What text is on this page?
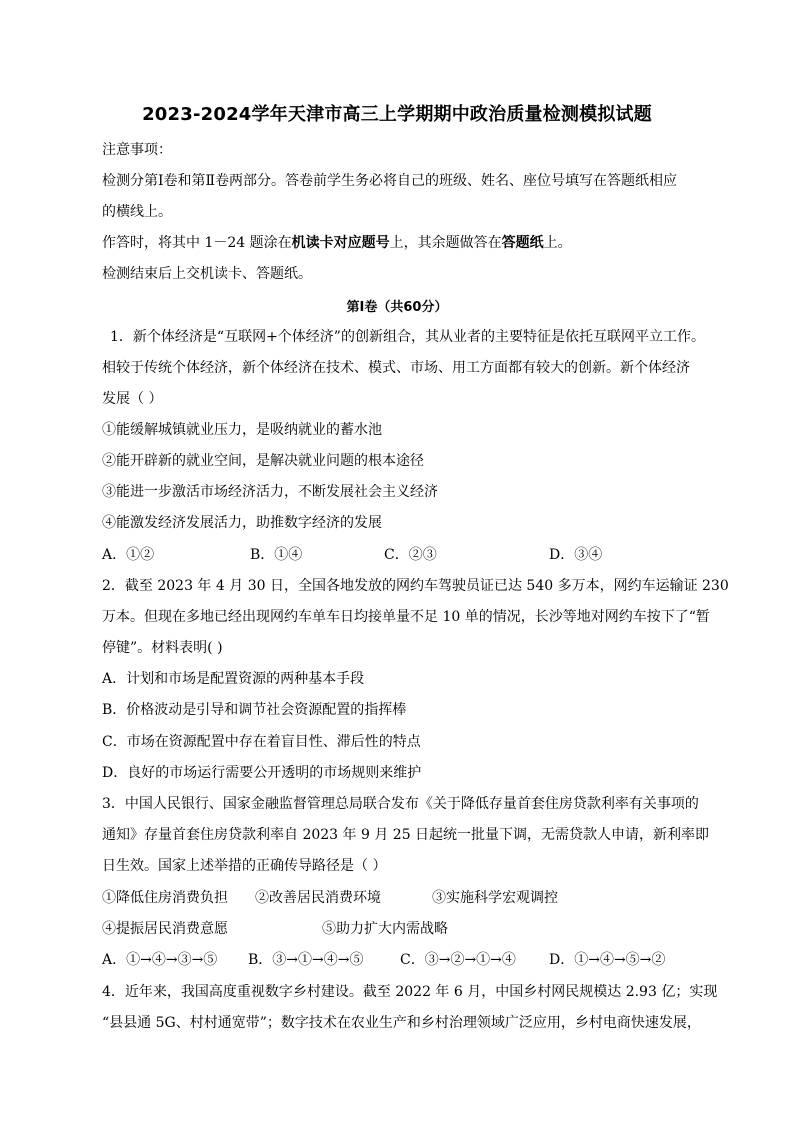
2023-2024学年天津市高三上学期期中政治质量检测模拟试题
注意事项：
检测分第Ⅰ卷和第Ⅱ卷两部分。答卷前学生务必将自己的班级、姓名、座位号填写在答题纸相应
的横线上。
作答时，将其中 1－24 题涂在机读卡对应题号上，其余题做答在答题纸上。
检测结束后上交机读卡、答题纸。
第Ⅰ卷（共60分）
1．新个体经济是“互联网+个体经济”的创新组合，其从业者的主要特征是依托互联网平立工作。
相较于传统个体经济，新个体经济在技术、模式、市场、用工方面都有较大的创新。新个体经济
发展（ ）
①能缓解城镇就业压力，是吸纳就业的蓄水池
②能开辟新的就业空间，是解决就业问题的根本途径
③能进一步激活市场经济活力，不断发展社会主义经济
④能激发经济发展活力，助推数字经济的发展
A．①②	B．①④	C．②③	D．③④
2．截至 2023 年 4 月 30 日，全国各地发放的网约车驾驶员证已达 540 多万本，网约车运输证 230
万本。但现在多地已经出现网约车单车日均接单量不足 10 单的情况，长沙等地对网约车按下了“暂
停键”。材料表明( )
A．计划和市场是配置资源的两种基本手段
B．价格波动是引导和调节社会资源配置的指挥棒
C．市场在资源配置中存在着盲目性、滞后性的特点
D．良好的市场运行需要公开透明的市场规则来维护
3．中国人民银行、国家金融监督管理总局联合发布《关于降低存量首套住房贷款利率有关事项的
通知》存量首套住房贷款利率自 2023 年 9 月 25 日起统一批量下调，无需贷款人申请，新利率即
日生效。国家上述举措的正确传导路径是（ ）
①降低住房消费负担 ②改善居民消费环境	③实施科学宏观调控
④提振居民消费意愿	⑤助力扩大内需战略
A．①→④→③→⑤ B．③→①→④→⑤	C．③→②→①→④ D．①→④→⑤→②
4．近年来，我国高度重视数字乡村建设。截至 2022 年 6 月，中国乡村网民规模达 2.93 亿；实现
“县县通 5G、村村通宽带”；数字技术在农业生产和乡村治理领域广泛应用，乡村电商快速发展，
